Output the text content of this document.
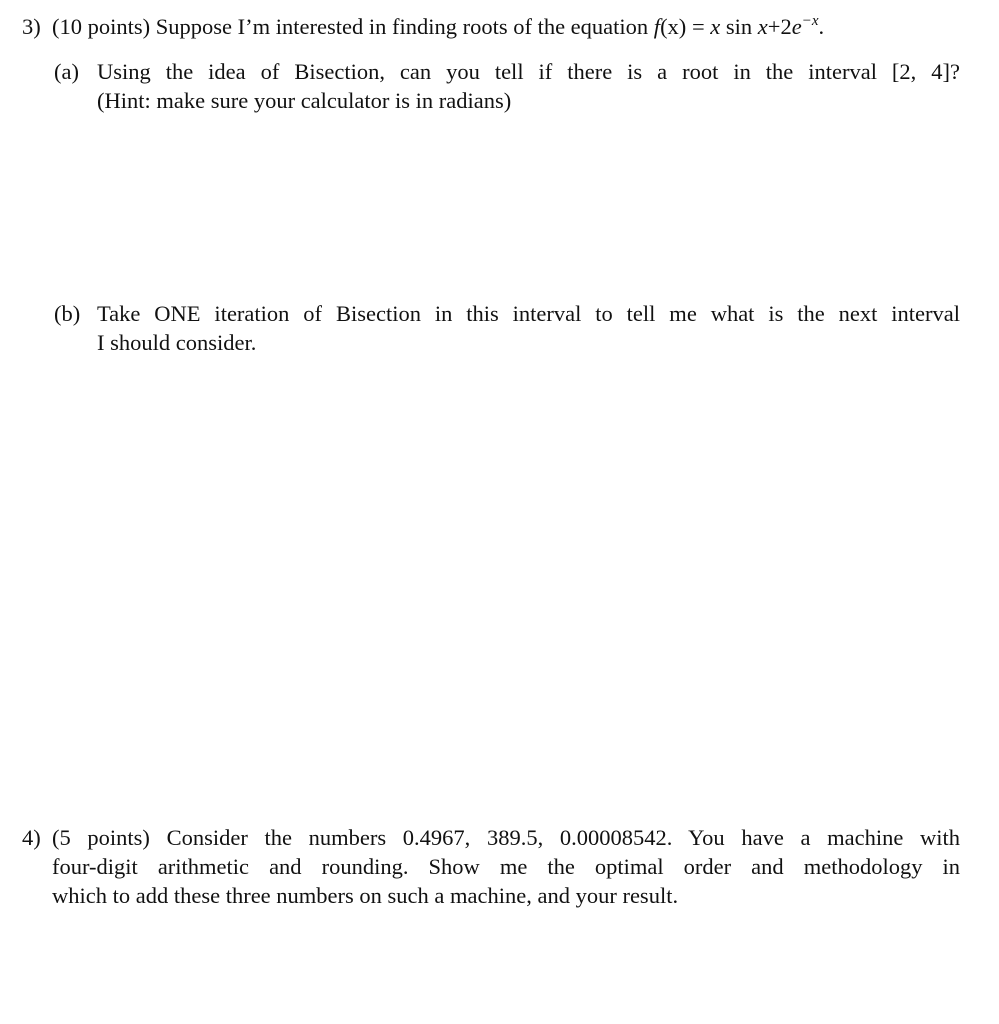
3) (10 points)
Suppose I’m interested in finding roots of the equation
f(x) = x $\sin x+2e^{-x}$.
(a) Using the idea of Bisection, can you tell if there is a root in the interval [2, 4]?
(Hint: make sure your calculator is in radians)
(b) Take ONE iteration of Bisection in this interval to tell me what is the next interval
I should consider.
4) (5 points) Consider the numbers 0.4967, 389.5, 0.00008542. You have a machine with
four-digit arithmetic and rounding. Show me the optimal order and methodology in
which to add these three numbers on such a machine, and your result.
